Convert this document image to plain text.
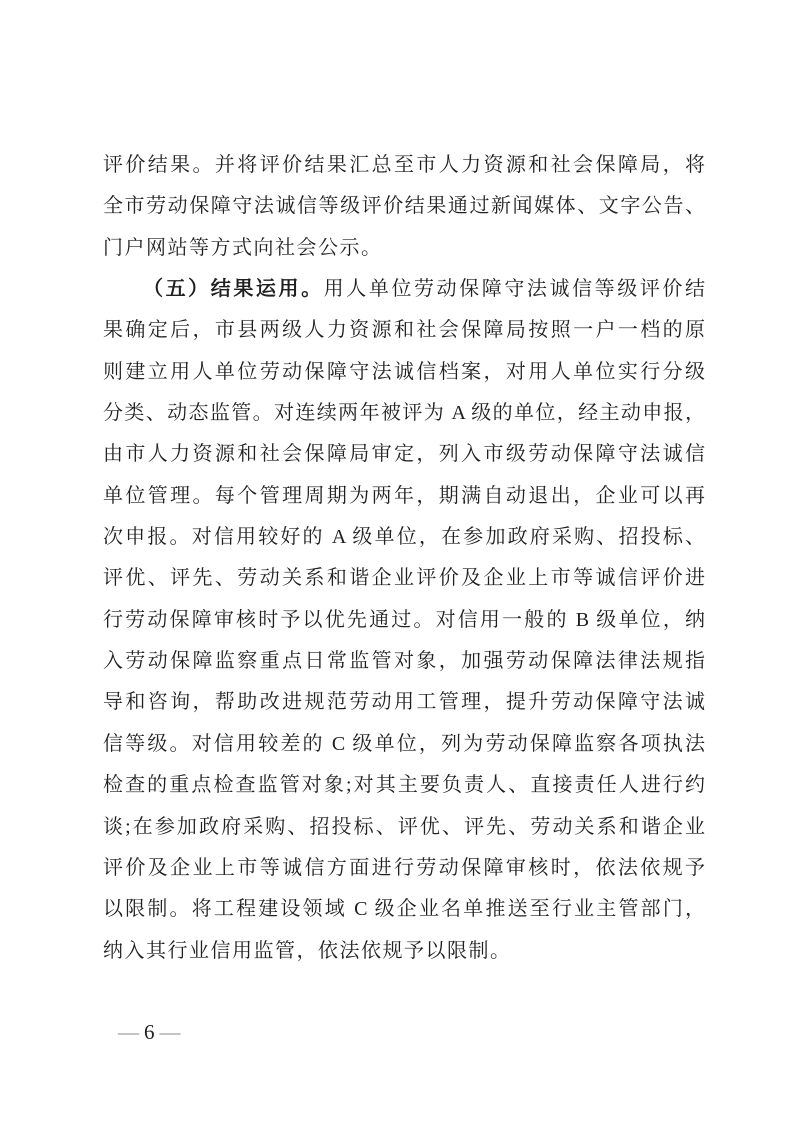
评价结果。并将评价结果汇总至市人力资源和社会保障局，将
全市劳动保障守法诚信等级评价结果通过新闻媒体、文字公告、
门户网站等方式向社会公示。
（五）结果运用。用人单位劳动保障守法诚信等级评价结
果确定后，市县两级人力资源和社会保障局按照一户一档的原
则建立用人单位劳动保障守法诚信档案，对用人单位实行分级
分类、动态监管。对连续两年被评为 A 级的单位，经主动申报，
由市人力资源和社会保障局审定，列入市级劳动保障守法诚信
单位管理。每个管理周期为两年，期满自动退出，企业可以再
次申报。对信用较好的 A 级单位，在参加政府采购、招投标、
评优、评先、劳动关系和谐企业评价及企业上市等诚信评价进
行劳动保障审核时予以优先通过。对信用一般的 B 级单位，纳
入劳动保障监察重点日常监管对象，加强劳动保障法律法规指
导和咨询，帮助改进规范劳动用工管理，提升劳动保障守法诚
信等级。对信用较差的 C 级单位，列为劳动保障监察各项执法
检查的重点检查监管对象;对其主要负责人、直接责任人进行约
谈;在参加政府采购、招投标、评优、评先、劳动关系和谐企业
评价及企业上市等诚信方面进行劳动保障审核时，依法依规予
以限制。将工程建设领域 C 级企业名单推送至行业主管部门，
纳入其行业信用监管，依法依规予以限制。
— 6 —
